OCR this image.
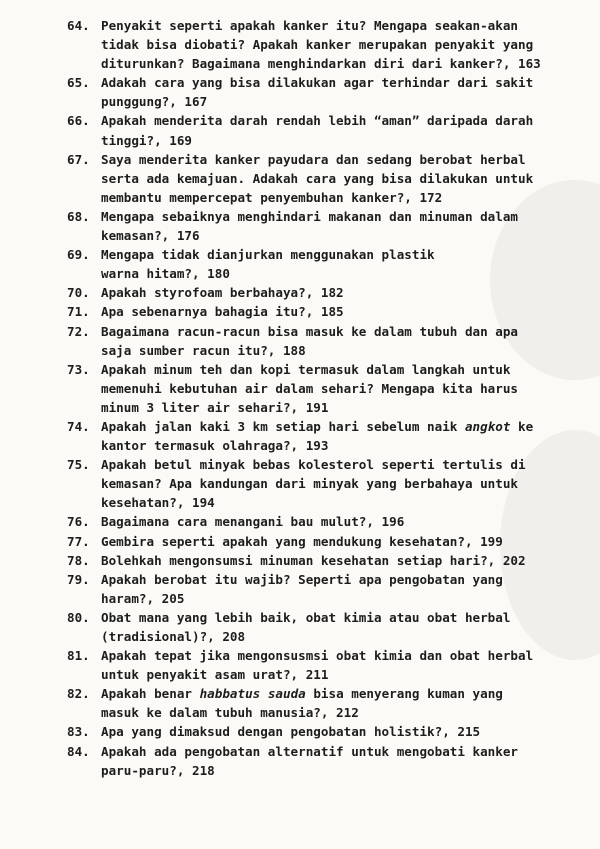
64. Penyakit seperti apakah kanker itu? Mengapa seakan-akan
tidak bisa diobati? Apakah kanker merupakan penyakit yang
diturunkan? Bagaimana menghindarkan diri dari kanker?, 163
65. Adakah cara yang bisa dilakukan agar terhindar dari sakit
punggung?, 167
66. Apakah menderita darah rendah lebih “aman” daripada darah
tinggi?, 169
67. Saya menderita kanker payudara dan sedang berobat herbal
serta ada kemajuan. Adakah cara yang bisa dilakukan untuk
membantu mempercepat penyembuhan kanker?, 172
68. Mengapa sebaiknya menghindari makanan dan minuman dalam
kemasan?, 176
69. Mengapa tidak dianjurkan menggunakan plastik
warna hitam?, 180
70. Apakah styrofoam berbahaya?, 182
71. Apa sebenarnya bahagia itu?, 185
72. Bagaimana racun-racun bisa masuk ke dalam tubuh dan apa
saja sumber racun itu?, 188
73. Apakah minum teh dan kopi termasuk dalam langkah untuk
memenuhi kebutuhan air dalam sehari? Mengapa kita harus
minum 3 liter air sehari?, 191
74. Apakah jalan kaki 3 km setiap hari sebelum naik angkot ke
kantor termasuk olahraga?, 193
75. Apakah betul minyak bebas kolesterol seperti tertulis di
kemasan? Apa kandungan dari minyak yang berbahaya untuk
kesehatan?, 194
76. Bagaimana cara menangani bau mulut?, 196
77. Gembira seperti apakah yang mendukung kesehatan?, 199
78. Bolehkah mengonsumsi minuman kesehatan setiap hari?, 202
79. Apakah berobat itu wajib? Seperti apa pengobatan yang
haram?, 205
80. Obat mana yang lebih baik, obat kimia atau obat herbal
(tradisional)?, 208
81. Apakah tepat jika mengonsusmsi obat kimia dan obat herbal
untuk penyakit asam urat?, 211
82. Apakah benar habbatus sauda bisa menyerang kuman yang
masuk ke dalam tubuh manusia?, 212
83. Apa yang dimaksud dengan pengobatan holistik?, 215
84. Apakah ada pengobatan alternatif untuk mengobati kanker
paru-paru?, 218
